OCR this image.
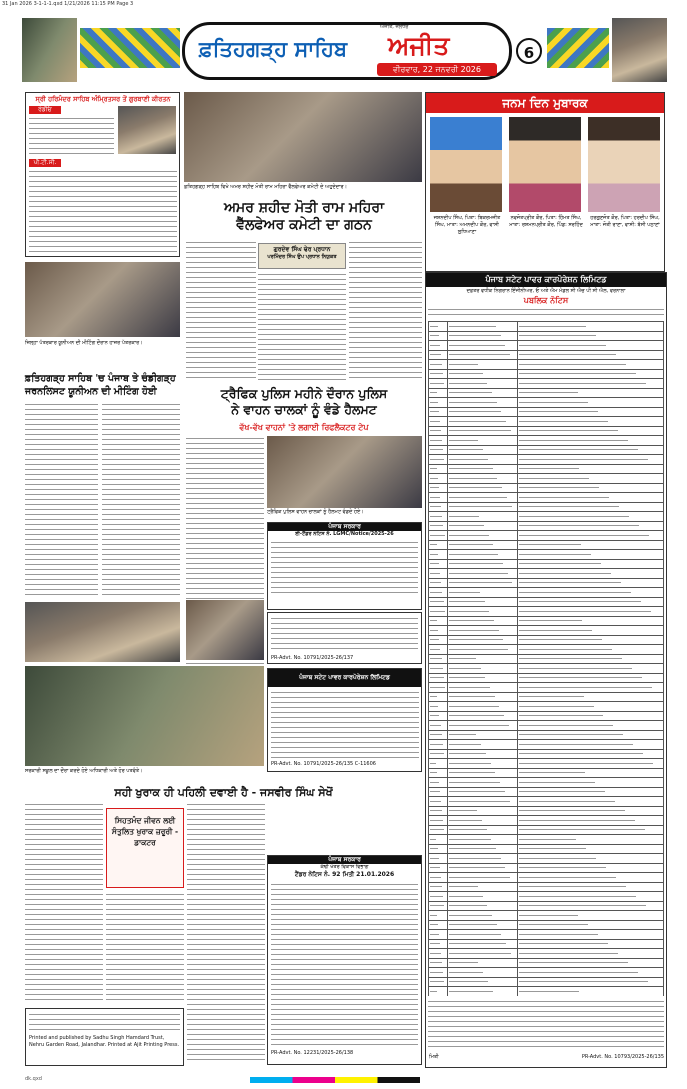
31 Jan 2026 3-1-1-1.qxd 1/21/2026 11:15 PM Page 3
ਅਜੀਤ, ਜਲੰਧਰ
ਫ਼ਤਿਹਗੜ੍ਹ ਸਾਹਿਬ ਅਜੀਤ
ਵੀਰਵਾਰ, 22 ਜਨਵਰੀ 2026
6
ਸ੍ਰੀ ਹਰਿਮੰਦਰ ਸਾਹਿਬ ਅੰਮ੍ਰਿਤਸਰ ਤੋਂ ਗੁਰਬਾਣੀ ਕੀਰਤਨ
ਰੇਡੀਓ
ਪੀ.ਟੀ.ਸੀ.
ਫ਼ਤਿਹਗੜ੍ਹ ਸਾਹਿਬ ਵਿਖੇ ਅਮਰ ਸ਼ਹੀਦ ਮੋਤੀ ਰਾਮ ਮਹਿਰਾ ਵੈੱਲਫੇਅਰ ਕਮੇਟੀ ਦੇ ਅਹੁਦੇਦਾਰ।
ਅਮਰ ਸ਼ਹੀਦ ਮੋਤੀ ਰਾਮ ਮਹਿਰਾ
ਵੈੱਲਫੇਅਰ ਕਮੇਟੀ ਦਾ ਗਠਨ
ਗੁਰਦੇਵ ਸਿੰਘ ਢੇਰ ਪ੍ਰਧਾਨ
ਪਰਮਿੰਦਰ ਸਿੰਘ ਉਪ ਪ੍ਰਧਾਨ ਨਿਯੁਕਤ
ਜਨਮ ਦਿਨ ਮੁਬਾਰਕ
ਜਸ਼ਨਦੀਪ ਸਿੰਘ, ਪਿਤਾ: ਬਿਕਰਮਜੀਤ ਸਿੰਘ, ਮਾਤਾ: ਅਮਨਦੀਪ ਕੌਰ, ਵਾਸੀ ਲੁਧਿਆਣਾ
ਨਵਜੋਤਪ੍ਰੀਤ ਕੌਰ, ਪਿਤਾ: ਹਿੰਮਤ ਸਿੰਘ, ਮਾਤਾ: ਰਸ਼ਮਨਪ੍ਰੀਤ ਕੌਰ, ਪਿੰਡ: ਸਰਹਿੰਦ
ਹਰਗੁਣਜੋਤ ਕੌਰ, ਪਿਤਾ: ਹਰਦੀਪ ਸਿੰਘ, ਮਾਤਾ: ਜੋਤੀ ਰਾਣਾ, ਵਾਸੀ: ਬੱਸੀ ਪਠਾਣਾਂ
ਜ਼ਿਲ੍ਹਾ ਪੱਤਰਕਾਰ ਯੂਨੀਅਨ ਦੀ ਮੀਟਿੰਗ ਦੌਰਾਨ ਹਾਜ਼ਰ ਪੱਤਰਕਾਰ।
ਫ਼ਤਿਹਗੜ੍ਹ ਸਾਹਿਬ 'ਚ ਪੰਜਾਬ ਤੇ ਚੰਡੀਗੜ੍ਹ
ਜਰਨਲਿਸਟ ਯੂਨੀਅਨ ਦੀ ਮੀਟਿੰਗ ਹੋਈ	ਟ੍ਰੈਫਿਕ ਪੁਲਿਸ ਮਹੀਨੇ ਦੌਰਾਨ ਪੁਲਿਸ
ਨੇ ਵਾਹਨ ਚਾਲਕਾਂ ਨੂੰ ਵੰਡੇ ਹੈਲਮਟ
ਵੱਖ-ਵੱਖ ਵਾਹਨਾਂ 'ਤੇ ਲਗਾਈ ਰਿਫਲੈਕਟਰ ਟੇਪ
ਟ੍ਰੈਫਿਕ ਪੁਲਿਸ ਵਾਹਨ ਚਾਲਕਾਂ ਨੂੰ ਹੈਲਮਟ ਵੰਡਦੇ ਹੋਏ।
ਪੰਜਾਬ ਸਰਕਾਰ
ਈ-ਟੈਂਡਰ ਨੋਟਿਸ ਨੰ. LGMC/Notice/2025-26
PR-Advt. No. 10791/2025-26/137
ਸਰਕਾਰੀ ਸਕੂਲ ਦਾ ਦੌਰਾ ਕਰਦੇ ਹੋਏ ਅਧਿਕਾਰੀ ਅਤੇ ਹੋਰ ਪਤਵੰਤੇ।
ਪੰਜਾਬ ਸਟੇਟ ਪਾਵਰ ਕਾਰਪੋਰੇਸ਼ਨ ਲਿਮਿਟਡ
PR-Advt. No. 10791/2025-26/135 C-11606
ਸਹੀ ਖੁਰਾਕ ਹੀ ਪਹਿਲੀ ਦਵਾਈ ਹੈ - ਜਸਵੀਰ ਸਿੰਘ ਸੇਖੋਂ
ਸਿਹਤਮੰਦ ਜੀਵਨ ਲਈ ਸੰਤੁਲਿਤ ਖੁਰਾਕ ਜ਼ਰੂਰੀ - ਡਾਕਟਰ
ਪੰਜਾਬ ਸਰਕਾਰ
ਕੰਢੀ ਖੇਤਰ ਵਿਕਾਸ ਵਿਭਾਗ
ਟੈਂਡਰ ਨੋਟਿਸ ਨੰ. 92 ਮਿਤੀ 21.01.2026
PR-Advt. No. 12231/2025-26/138
Printed and published by Sadhu Singh Hamdard Trust, Nehru Garden Road, Jalandhar. Printed at Ajit Printing Press.
ਪੰਜਾਬ ਸਟੇਟ ਪਾਵਰ ਕਾਰਪੋਰੇਸ਼ਨ ਲਿਮਿਟਡ
ਦਫ਼ਤਰ ਵਧੀਕ ਨਿਗਰਾਨ ਇੰਜੀਨੀਅਰ, ਓ ਅਤੇ ਐਮ ਮੰਡਲ ਸੀ ਐਚ ਪੀ ਸੀ ਐਲ, ਵਰਨਾਲਾ
ਪਬਲਿਕ ਨੋਟਿਸ

ਮਿਤੀ	PR-Advt. No. 10793/2025-26/135
dk.qxd
